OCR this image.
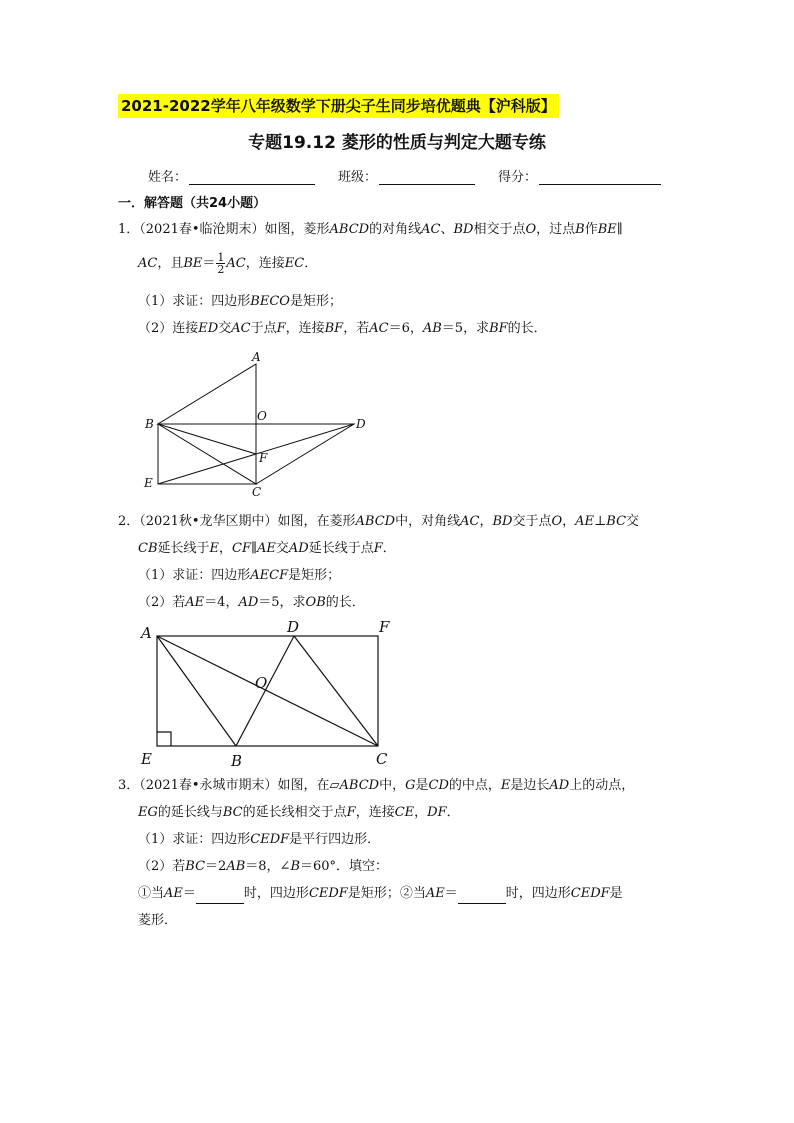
2021-2022学年八年级数学下册尖子生同步培优题典【沪科版】
专题19.12 菱形的性质与判定大题专练
姓名：	班级：	得分：
一．解答题（共24小题）
1．（2021春•临沧期末）如图，菱形ABCD的对角线AC、BD相交于点O，过点B作BE∥
AC，且$BE= \frac{1}{2}$ AC，连接EC．
（1）求证：四边形BECO是矩形；
（2）连接ED交AC于点F，连接BF，若AC＝6，AB＝5，求BF的长．
A
B
C
D
E
F
O
2．（2021秋•龙华区期中）如图，在菱形ABCD中，对角线AC，BD交于点O，AE⊥BC交
CB延长线于E，CF∥AE交AD延长线于点F．
（1）求证：四边形AECF是矩形；
（2）若AE＝4，AD＝5，求OB的长．
A
E	B	C
D	F
O
3．（2021春•永城市期末）如图，在▱ABCD中，G是CD的中点，E是边长AD上的动点，
EG的延长线与BC的延长线相交于点F，连接CE，DF．
（1）求证：四边形CEDF是平行四边形．
（2）若BC＝2AB＝8，∠B＝60°．填空：
①当AE＝	时，四边形CEDF是矩形；②当AE＝	时，四边形CEDF是
菱形．
